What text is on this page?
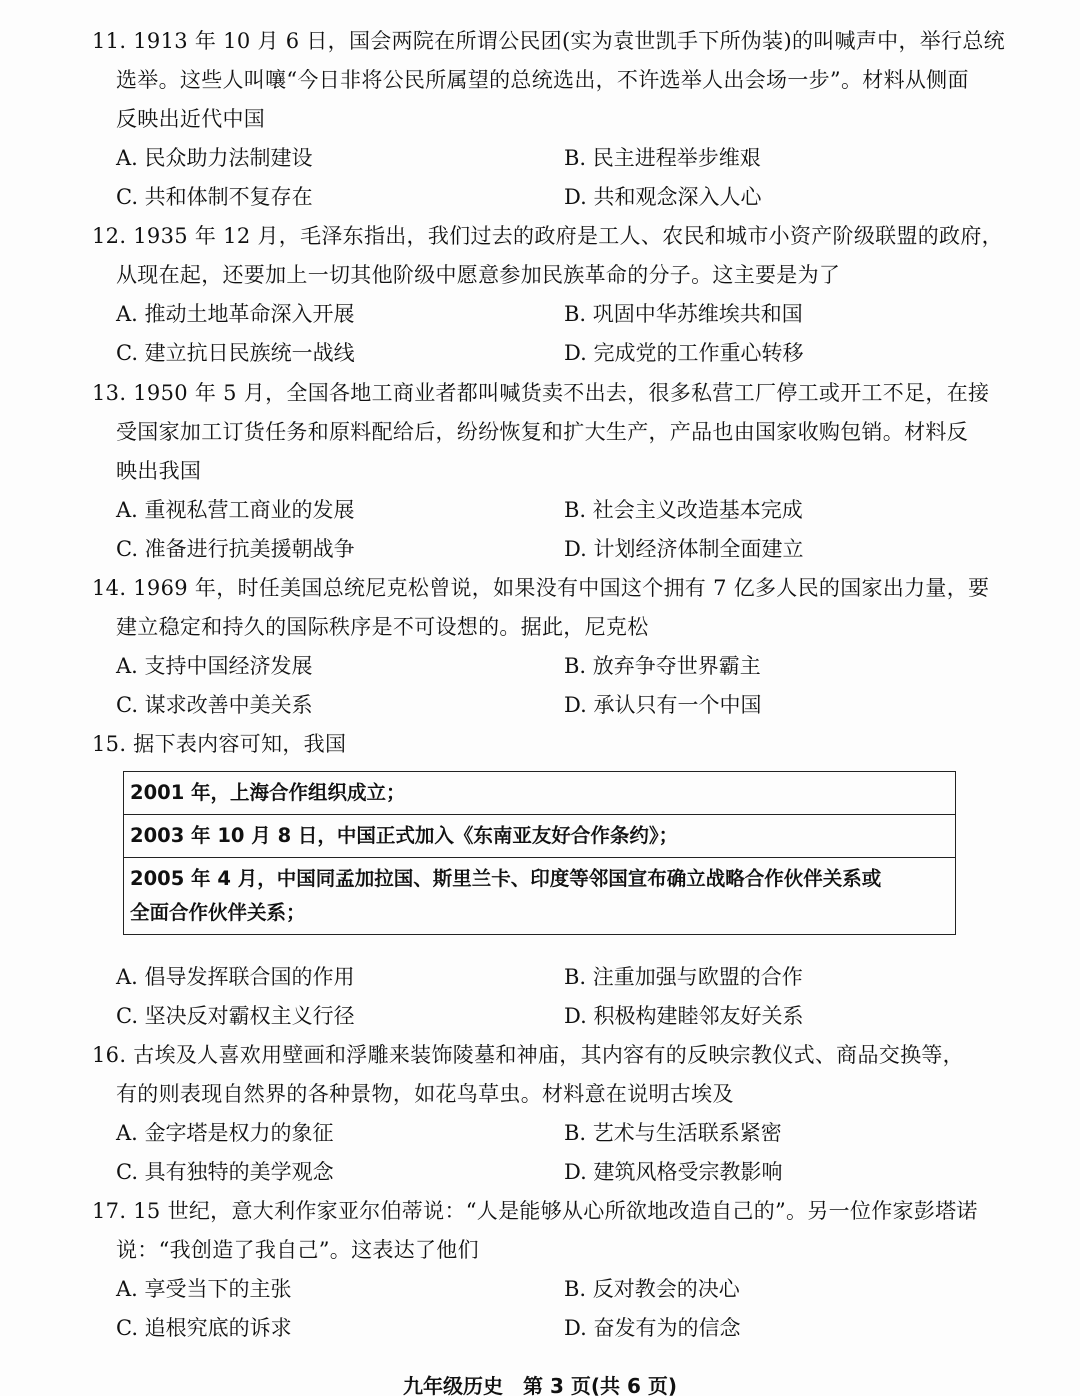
11. 1913 年 10 月 6 日，国会两院在所谓公民团(实为袁世凯手下所伪装)的叫喊声中，举行总统
选举。这些人叫嚷“今日非将公民所属望的总统选出，不许选举人出会场一步”。材料从侧面
反映出近代中国
A. 民众助力法制建设	B. 民主进程举步维艰
C. 共和体制不复存在	D. 共和观念深入人心
12. 1935 年 12 月，毛泽东指出，我们过去的政府是工人、农民和城市小资产阶级联盟的政府，
从现在起，还要加上一切其他阶级中愿意参加民族革命的分子。这主要是为了
A. 推动土地革命深入开展	B. 巩固中华苏维埃共和国
C. 建立抗日民族统一战线	D. 完成党的工作重心转移
13. 1950 年 5 月，全国各地工商业者都叫喊货卖不出去，很多私营工厂停工或开工不足，在接
受国家加工订货任务和原料配给后，纷纷恢复和扩大生产，产品也由国家收购包销。材料反
映出我国
A. 重视私营工商业的发展	B. 社会主义改造基本完成
C. 准备进行抗美援朝战争	D. 计划经济体制全面建立
14. 1969 年，时任美国总统尼克松曾说，如果没有中国这个拥有 7 亿多人民的国家出力量，要
建立稳定和持久的国际秩序是不可设想的。据此，尼克松
A. 支持中国经济发展	B. 放弃争夺世界霸主
C. 谋求改善中美关系	D. 承认只有一个中国
15. 据下表内容可知，我国
2001 年，上海合作组织成立；
2003 年 10 月 8 日，中国正式加入《东南亚友好合作条约》；

2005 年 4 月，中国同孟加拉国、斯里兰卡、印度等邻国宣布确立战略合作伙伴关系或
全面合作伙伴关系；
A. 倡导发挥联合国的作用	B. 注重加强与欧盟的合作
C. 坚决反对霸权主义行径	D. 积极构建睦邻友好关系
16. 古埃及人喜欢用壁画和浮雕来装饰陵墓和神庙，其内容有的反映宗教仪式、商品交换等，
有的则表现自然界的各种景物，如花鸟草虫。材料意在说明古埃及
A. 金字塔是权力的象征	B. 艺术与生活联系紧密
C. 具有独特的美学观念	D. 建筑风格受宗教影响
17. 15 世纪，意大利作家亚尔伯蒂说：“人是能够从心所欲地改造自己的”。另一位作家彭塔诺
说：“我创造了我自己”。这表达了他们
A. 享受当下的主张	B. 反对教会的决心
C. 追根究底的诉求	D. 奋发有为的信念
九年级历史　第 3 页(共 6 页)
